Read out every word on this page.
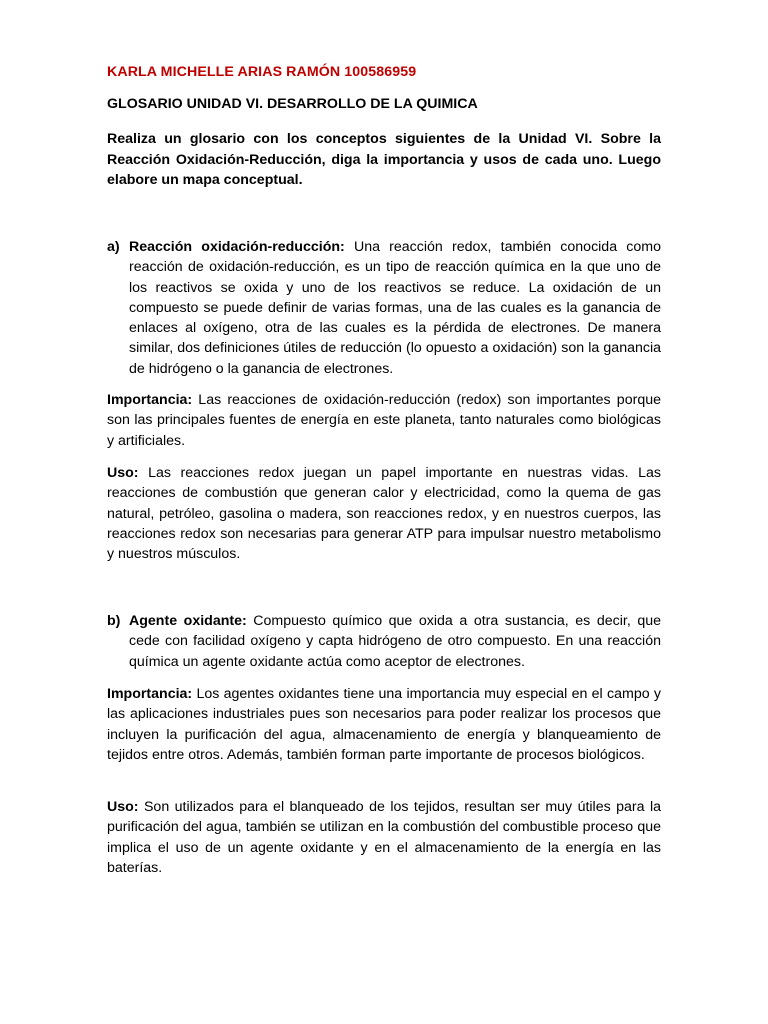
KARLA MICHELLE ARIAS RAMÓN 100586959
GLOSARIO UNIDAD VI. DESARROLLO DE LA QUIMICA
Realiza un glosario con los conceptos siguientes de la Unidad VI. Sobre la Reacción Oxidación-Reducción, diga la importancia y usos de cada uno. Luego elabore un mapa conceptual.
a) Reacción oxidación-reducción: Una reacción redox, también conocida como reacción de oxidación-reducción, es un tipo de reacción química en la que uno de los reactivos se oxida y uno de los reactivos se reduce. La oxidación de un compuesto se puede definir de varias formas, una de las cuales es la ganancia de enlaces al oxígeno, otra de las cuales es la pérdida de electrones. De manera similar, dos definiciones útiles de reducción (lo opuesto a oxidación) son la ganancia de hidrógeno o la ganancia de electrones.
Importancia: Las reacciones de oxidación-reducción (redox) son importantes porque son las principales fuentes de energía en este planeta, tanto naturales como biológicas y artificiales.
Uso: Las reacciones redox juegan un papel importante en nuestras vidas. Las reacciones de combustión que generan calor y electricidad, como la quema de gas natural, petróleo, gasolina o madera, son reacciones redox, y en nuestros cuerpos, las reacciones redox son necesarias para generar ATP para impulsar nuestro metabolismo y nuestros músculos.
b) Agente oxidante: Compuesto químico que oxida a otra sustancia, es decir, que cede con facilidad oxígeno y capta hidrógeno de otro compuesto. En una reacción química un agente oxidante actúa como aceptor de electrones.
Importancia: Los agentes oxidantes tiene una importancia muy especial en el campo y las aplicaciones industriales pues son necesarios para poder realizar los procesos que incluyen la purificación del agua, almacenamiento de energía y blanqueamiento de tejidos entre otros. Además, también forman parte importante de procesos biológicos.
Uso: Son utilizados para el blanqueado de los tejidos, resultan ser muy útiles para la purificación del agua, también se utilizan en la combustión del combustible proceso que implica el uso de un agente oxidante y en el almacenamiento de la energía en las baterías.
